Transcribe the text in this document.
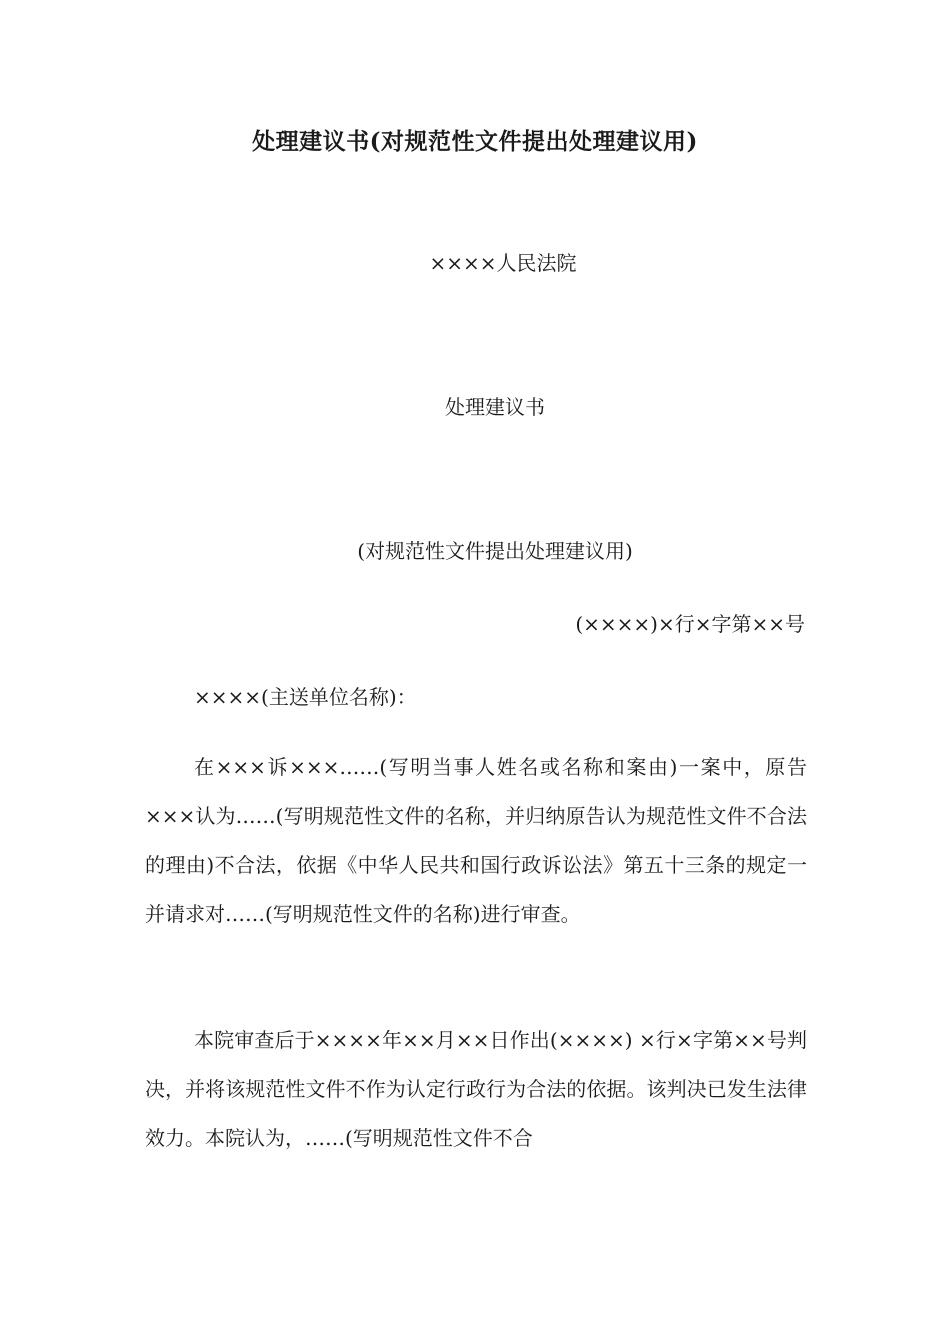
处理建议书(对规范性文件提出处理建议用)
××××人民法院
处理建议书
(对规范性文件提出处理建议用)
(××××)×行×字第××号
××××(主送单位名称)：

在×××诉×××……(写明当事人姓名或名称和案由)一案中，原告×××认为……(写明规范性文件的名称，并归纳原告认为规范性文件不合法的理由)不合法，依据《中华人民共和国行政诉讼法》第五十三条的规定一并请求对……(写明规范性文件的名称)进行审查。

本院审查后于××××年××月××日作出(××××) ×行×字第××号判决，并将该规范性文件不作为认定行政行为合法的依据。该判决已发生法律效力。本院认为，……(写明规范性文件不合
